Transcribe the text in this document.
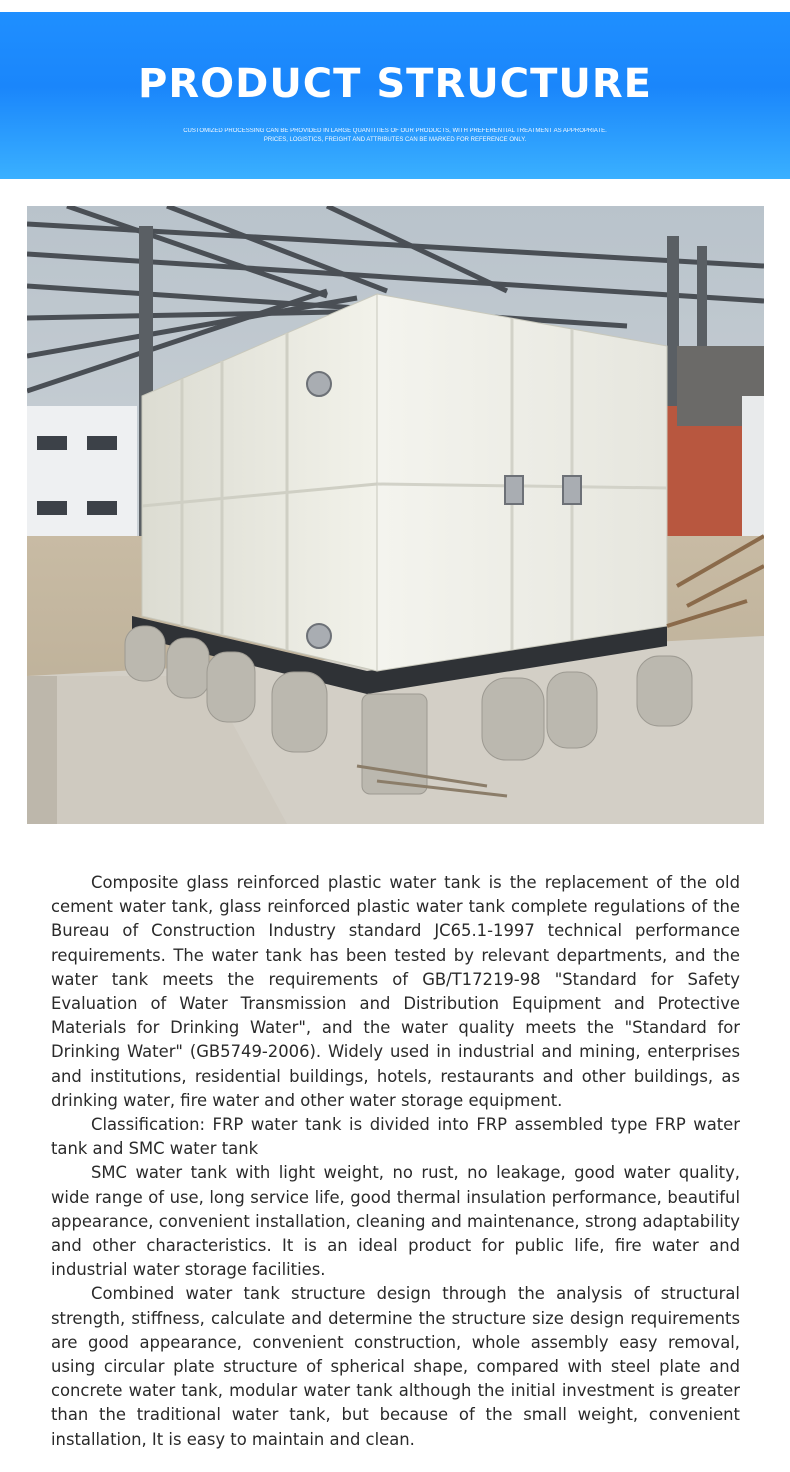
PRODUCT STRUCTURE
CUSTOMIZED PROCESSING CAN BE PROVIDED IN LARGE QUANTITIES OF OUR PRODUCTS, WITH PREFERENTIAL TREATMENT AS APPROPRIATE.
PRICES, LOGISTICS, FREIGHT AND ATTRIBUTES CAN BE MARKED FOR REFERENCE ONLY.

Composite glass reinforced plastic water tank is the replacement of the old cement water tank, glass reinforced plastic water tank complete regulations of the Bureau of Construction Industry standard JC65.1-1997 technical performance requirements. The water tank has been tested by relevant departments, and the water tank meets the requirements of GB/T17219-98 "Standard for Safety Evaluation of Water Transmission and Distribution Equipment and Protective Materials for Drinking Water", and the water quality meets the "Standard for Drinking Water" (GB5749-2006). Widely used in industrial and mining, enterprises and institutions, residential buildings, hotels, restaurants and other buildings, as drinking water, fire water and other water storage equipment.

Classification: FRP water tank is divided into FRP assembled type FRP water tank and SMC water tank

SMC water tank with light weight, no rust, no leakage, good water quality, wide range of use, long service life, good thermal insulation performance, beautiful appearance, convenient installation, cleaning and maintenance, strong adaptability and other characteristics. It is an ideal product for public life, fire water and industrial water storage facilities.

Combined water tank structure design through the analysis of structural strength, stiffness, calculate and determine the structure size design requirements are good appearance, convenient construction, whole assembly easy removal, using circular plate structure of spherical shape, compared with steel plate and concrete water tank, modular water tank although the initial investment is greater than the traditional water tank, but because of the small weight, convenient installation, It is easy to maintain and clean.
